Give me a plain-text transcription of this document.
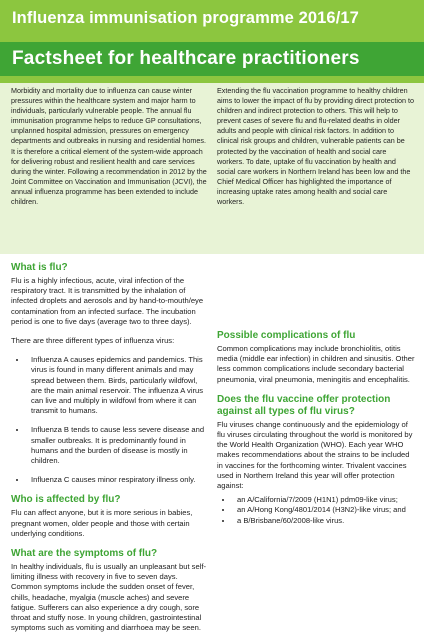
Influenza immunisation programme 2016/17
Factsheet for healthcare practitioners
Morbidity and mortality due to influenza can cause winter pressures within the healthcare system and major harm to individuals, particularly vulnerable people. The annual flu immunisation programme helps to reduce GP consultations, unplanned hospital admission, pressures on emergency departments and outbreaks in nursing and residential homes. It is therefore a critical element of the system-wide approach for delivering robust and resilient health and care services during the winter. Following a recommendation in 2012 by the Joint Committee on Vaccination and Immunisation (JCVI), the annual influenza programme has been extended to include children.
Extending the flu vaccination programme to healthy children aims to lower the impact of flu by providing direct protection to children and indirect protection to others. This will help to prevent cases of severe flu and flu-related deaths in older adults and people with clinical risk factors. In addition to clinical risk groups and children, vulnerable patients can be protected by the vaccination of health and social care workers. To date, uptake of flu vaccination by health and social care workers in Northern Ireland has been low and the Chief Medical Officer has highlighted the importance of increasing uptake rates among health and social care workers.
What is flu?

Flu is a highly infectious, acute, viral infection of the respiratory tract. It is transmitted by the inhalation of infected droplets and aerosols and by hand-to-mouth/eye contamination from an infected surface. The incubation period is one to five days (average two to three days).

There are three different types of influenza virus:

• Influenza A causes epidemics and pandemics. This virus is found in many different animals and may spread between them. Birds, particularly wildfowl, are the main animal reservoir. The influenza A virus can live and multiply in wildfowl from where it can transmit to humans.
• Influenza B tends to cause less severe disease and smaller outbreaks. It is predominantly found in humans and the burden of disease is mostly in children.
• Influenza C causes minor respiratory illness only.
Who is affected by flu?

Flu can affect anyone, but it is more serious in babies, pregnant women, older people and those with certain underlying conditions.

What are the symptoms of flu?

In healthy individuals, flu is usually an unpleasant but self-limiting illness with recovery in five to seven days. Common symptoms include the sudden onset of fever, chills, headache, myalgia (muscle aches) and severe fatigue. Sufferers can also experience a dry cough, sore throat and stuffy nose. In young children, gastrointestinal symptoms such as vomiting and diarrhoea may be seen.

Possible complications of flu

Common complications may include bronchiolitis, otitis media (middle ear infection) in children and sinusitis. Other less common complications include secondary bacterial pneumonia, viral pneumonia, meningitis and encephalitis.

Does the flu vaccine offer protection against all types of flu virus?

Flu viruses change continuously and the epidemiology of flu viruses circulating throughout the world is monitored by the World Health Organization (WHO). Each year WHO makes recommendations about the strains to be included in vaccines for the forthcoming winter. Trivalent vaccines used in Northern Ireland this year will offer protection against:

• an A/California/7/2009 (H1N1) pdm09-like virus;
• an A/Hong Kong/4801/2014 (H3N2)-like virus; and
• a B/Brisbane/60/2008-like virus.
